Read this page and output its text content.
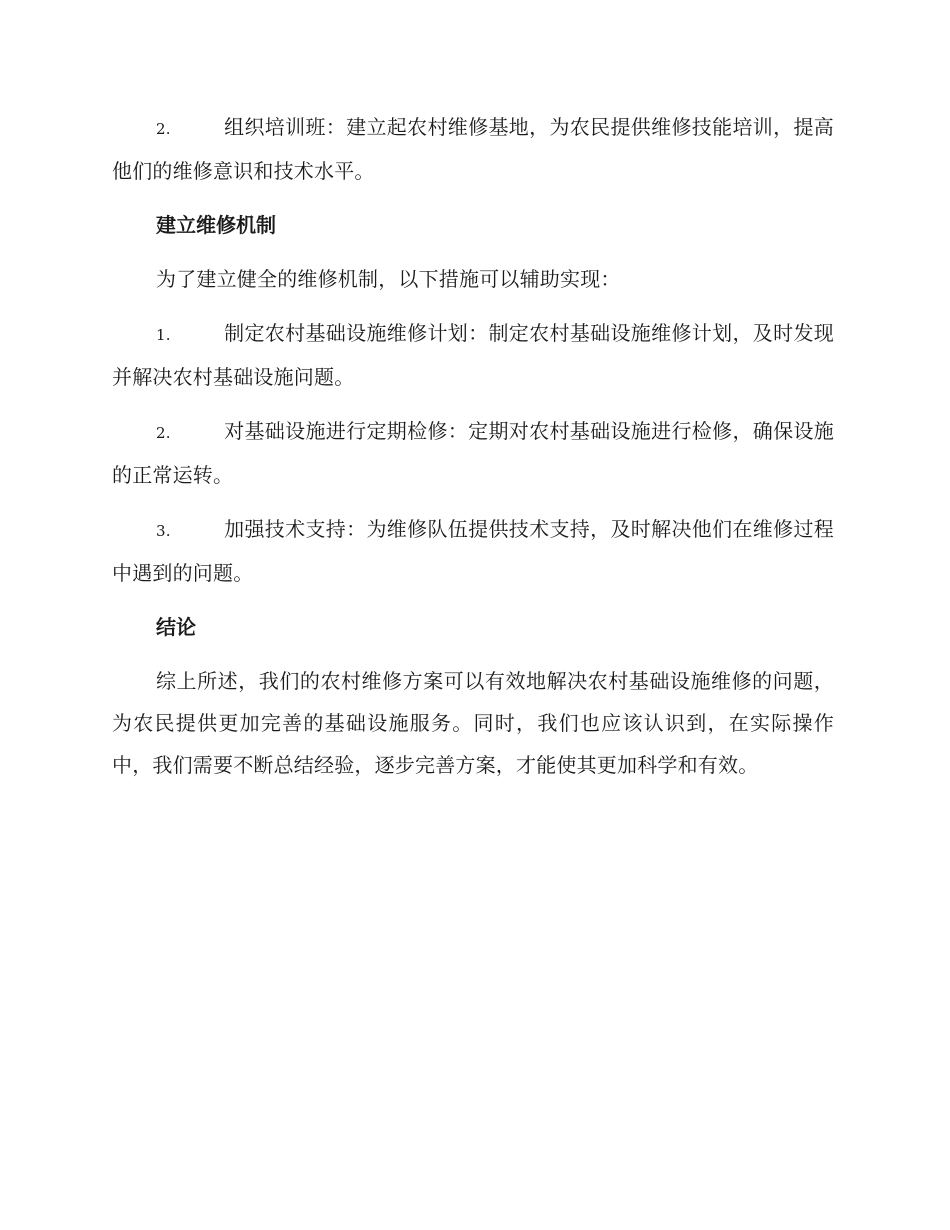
2.	组织培训班：建立起农村维修基地，为农民提供维修技能培训，提高他们的维修意识和技术水平。

建立维修机制

为了建立健全的维修机制，以下措施可以辅助实现：

1.	制定农村基础设施维修计划：制定农村基础设施维修计划，及时发现并解决农村基础设施问题。

2.	对基础设施进行定期检修：定期对农村基础设施进行检修，确保设施的正常运转。

3.	加强技术支持：为维修队伍提供技术支持，及时解决他们在维修过程中遇到的问题。

结论

综上所述，我们的农村维修方案可以有效地解决农村基础设施维修的问题，为农民提供更加完善的基础设施服务。同时，我们也应该认识到，在实际操作中，我们需要不断总结经验，逐步完善方案，才能使其更加科学和有效。
